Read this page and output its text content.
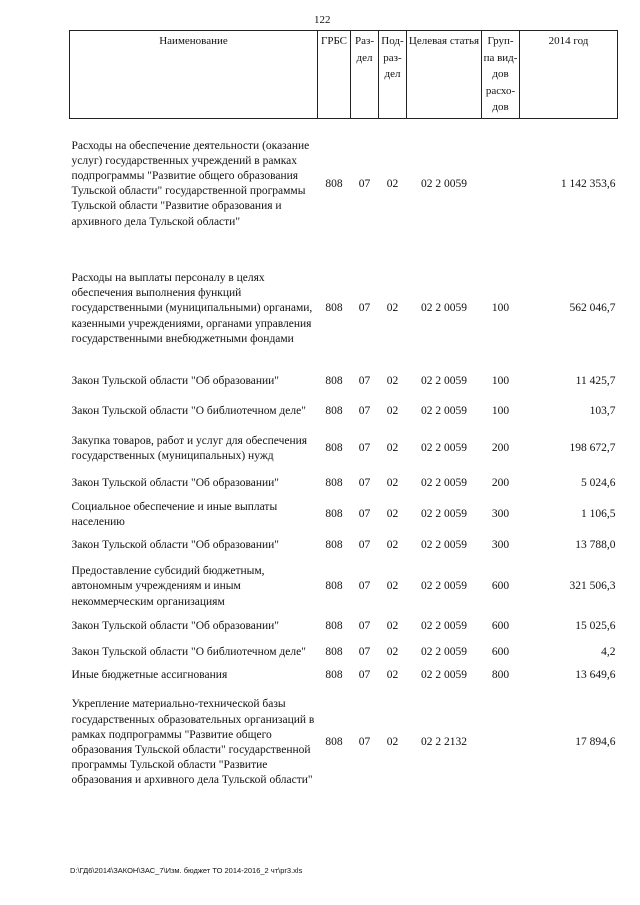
122
Наименование	ГРБС	Раз-дел	Под-раз-дел	Целевая статья	Груп-па вид-дов расхо-дов	2014 год
Расходы на обеспечение деятельности (оказание услуг) государственных учреждений в рамках подпрограммы "Развитие общего образования Тульской области" государственной программы Тульской области "Развитие образования и архивного дела Тульской области"	808	07	02	02 2 0059		1 142 353,6
Расходы на выплаты персоналу в целях обеспечения выполнения функций государственными (муниципальными) органами, казенными учреждениями, органами управления государственными внебюджетными фондами	808	07	02	02 2 0059	100	562 046,7
Закон Тульской области "Об образовании"	808	07	02	02 2 0059	100	11 425,7
Закон Тульской области "О библиотечном деле"	808	07	02	02 2 0059	100	103,7
Закупка товаров, работ и услуг для обеспечения государственных (муниципальных) нужд	808	07	02	02 2 0059	200	198 672,7
Закон Тульской области "Об образовании"	808	07	02	02 2 0059	200	5 024,6
Социальное обеспечение и иные выплаты населению	808	07	02	02 2 0059	300	1 106,5
Закон Тульской области "Об образовании"	808	07	02	02 2 0059	300	13 788,0
Предоставление субсидий бюджетным, автономным учреждениям и иным некоммерческим организациям	808	07	02	02 2 0059	600	321 506,3
Закон Тульской области "Об образовании"	808	07	02	02 2 0059	600	15 025,6
Закон Тульской области "О библиотечном деле"	808	07	02	02 2 0059	600	4,2
Иные бюджетные ассигнования	808	07	02	02 2 0059	800	13 649,6
Укрепление материально-технической базы государственных образовательных организаций в рамках подпрограммы "Развитие общего образования Тульской области" государственной программы Тульской области "Развитие образования и архивного дела Тульской области"	808	07	02	02 2 2132		17 894,6
D:\ГД6\2014\ЗАКОН\ЗАС_7\Изм. бюджет ТО 2014-2016_2 чт\pr3.xls
